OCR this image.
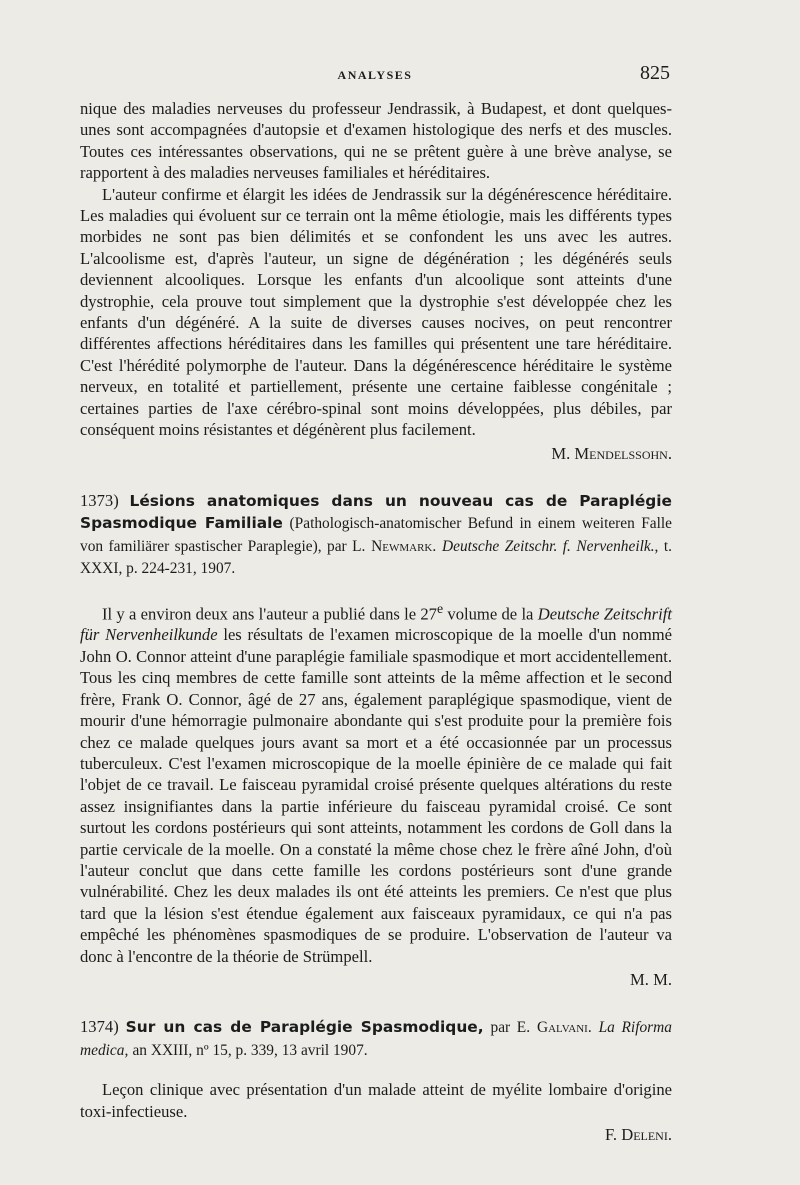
ANALYSES	825

nique des maladies nerveuses du professeur Jendrassik, à Budapest, et dont quelques-unes sont accompagnées d'autopsie et d'examen histologique des nerfs et des muscles. Toutes ces intéressantes observations, qui ne se prêtent guère à une brève analyse, se rapportent à des maladies nerveuses familiales et héréditaires.

L'auteur confirme et élargit les idées de Jendrassik sur la dégénérescence héréditaire. Les maladies qui évoluent sur ce terrain ont la même étiologie, mais les différents types morbides ne sont pas bien délimités et se confondent les uns avec les autres. L'alcoolisme est, d'après l'auteur, un signe de dégénération ; les dégénérés seuls deviennent alcooliques. Lorsque les enfants d'un alcoolique sont atteints d'une dystrophie, cela prouve tout simplement que la dystrophie s'est développée chez les enfants d'un dégénéré. A la suite de diverses causes nocives, on peut rencontrer différentes affections héréditaires dans les familles qui présentent une tare héréditaire. C'est l'hérédité polymorphe de l'auteur. Dans la dégénérescence héréditaire le système nerveux, en totalité et partiellement, présente une certaine faiblesse congénitale ; certaines parties de l'axe cérébro-spinal sont moins développées, plus débiles, par conséquent moins résistantes et dégénèrent plus facilement.

M. Mendelssohn.

1373) Lésions anatomiques dans un nouveau cas de Paraplégie Spasmodique Familiale (Pathologisch-anatomischer Befund in einem weiteren Falle von familiärer spastischer Paraplegie), par L. Newmark. Deutsche Zeitschr. f. Nervenheilk., t. XXXI, p. 224-231, 1907.

Il y a environ deux ans l'auteur a publié dans le 27e volume de la Deutsche Zeitschrift für Nervenheilkunde les résultats de l'examen microscopique de la moelle d'un nommé John O. Connor atteint d'une paraplégie familiale spasmodique et mort accidentellement. Tous les cinq membres de cette famille sont atteints de la même affection et le second frère, Frank O. Connor, âgé de 27 ans, également paraplégique spasmodique, vient de mourir d'une hémorragie pulmonaire abondante qui s'est produite pour la première fois chez ce malade quelques jours avant sa mort et a été occasionnée par un processus tuberculeux. C'est l'examen microscopique de la moelle épinière de ce malade qui fait l'objet de ce travail. Le faisceau pyramidal croisé présente quelques altérations du reste assez insignifiantes dans la partie inférieure du faisceau pyramidal croisé. Ce sont surtout les cordons postérieurs qui sont atteints, notamment les cordons de Goll dans la partie cervicale de la moelle. On a constaté la même chose chez le frère aîné John, d'où l'auteur conclut que dans cette famille les cordons postérieurs sont d'une grande vulnérabilité. Chez les deux malades ils ont été atteints les premiers. Ce n'est que plus tard que la lésion s'est étendue également aux faisceaux pyramidaux, ce qui n'a pas empêché les phénomènes spasmodiques de se produire. L'observation de l'auteur va donc à l'encontre de la théorie de Strümpell.

M. M.

1374) Sur un cas de Paraplégie Spasmodique, par E. Galvani. La Riforma medica, an XXIII, nº 15, p. 339, 13 avril 1907.

Leçon clinique avec présentation d'un malade atteint de myélite lombaire d'origine toxi-infectieuse.

F. Deleni.
